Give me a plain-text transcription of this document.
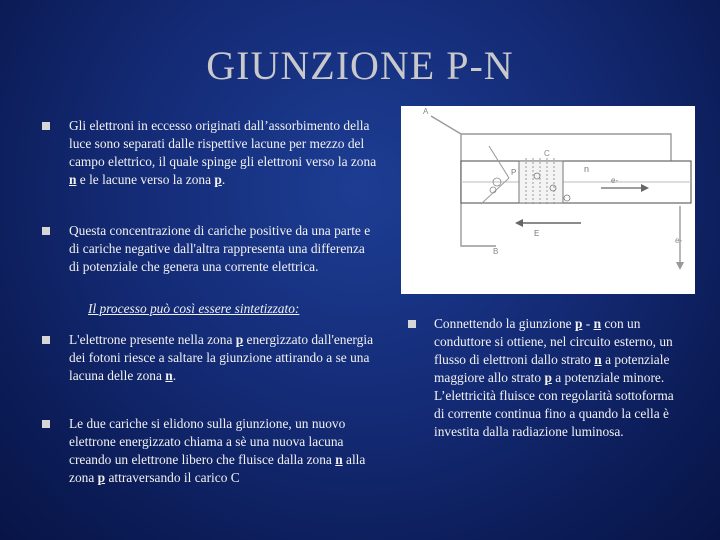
GIUNZIONE P-N
Gli elettroni in eccesso originati dall’assorbimento della luce sono separati dalle rispettive lacune per mezzo del campo elettrico, il quale spinge gli elettroni verso la zona n e le lacune verso la zona p.
Questa concentrazione di cariche positive da una parte e di cariche negative dall'altra rappresenta una differenza di potenziale che genera una corrente elettrica.
Il processo può così essere sintetizzato:
L'elettrone presente nella zona p energizzato dall'energia dei fotoni riesce a saltare la giunzione attirando a se una lacuna delle zona n.
Le due cariche si elidono sulla giunzione, un nuovo elettrone energizzato chiama a sè una nuova lacuna creando un elettrone libero che fluisce dalla zona n alla zona p attraversando il carico C
A
C
P	n
e-
E
B
e-
Connettendo la giunzione p - n con un conduttore si ottiene, nel circuito esterno, un flusso di elettroni dallo strato n a potenziale maggiore allo strato p a potenziale minore. L’elettricità fluisce con regolarità sottoforma di corrente continua fino a quando la cella è investita dalla radiazione luminosa.
